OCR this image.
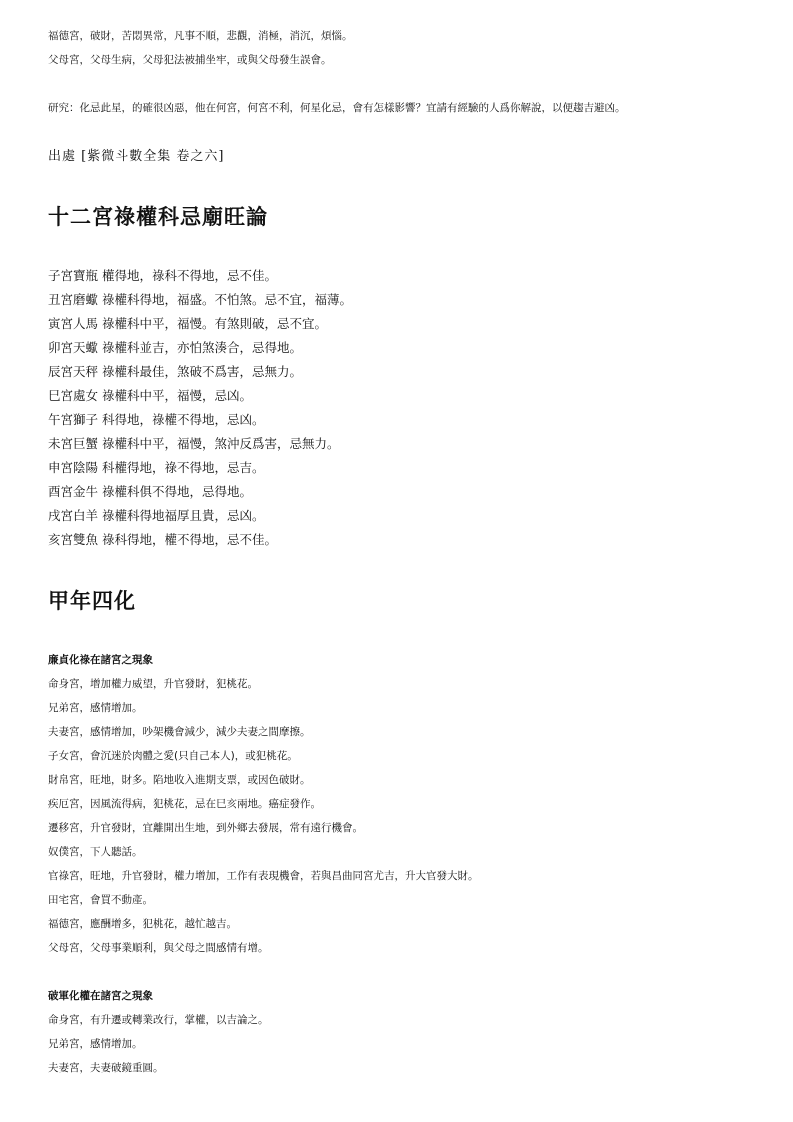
福德宮，破財，苦悶異常，凡事不順，悲觀，消極，消沉，煩惱。
父母宮，父母生病，父母犯法被捕坐牢，或與父母發生誤會。
研究：化忌此星，的確很凶惡，他在何宮，何宮不利，何星化忌，會有怎樣影響？宜請有經驗的人爲你解說，以便趨吉避凶。
出處 [紫微斗數全集 卷之六]
十二宮祿權科忌廟旺論
子宮寶瓶 權得地，祿科不得地，忌不佳。
丑宮磨蠍 祿權科得地，福盛。不怕煞。忌不宜，福薄。
寅宮人馬 祿權科中平，福慢。有煞則破，忌不宜。
卯宮天蠍 祿權科並吉，亦怕煞湊合，忌得地。
辰宮天秤 祿權科最佳，煞破不爲害，忌無力。
巳宮處女 祿權科中平，福慢，忌凶。
午宮獅子 科得地，祿權不得地，忌凶。
未宮巨蟹 祿權科中平，福慢，煞沖反爲害，忌無力。
申宮陰陽 科權得地，祿不得地，忌吉。
酉宮金牛 祿權科俱不得地，忌得地。
戌宮白羊 祿權科得地福厚且貴，忌凶。
亥宮雙魚 祿科得地，權不得地，忌不佳。
甲年四化
廉貞化祿在諸宮之現象
命身宮，增加權力威望，升官發財，犯桃花。
兄弟宮，感情增加。
夫妻宮，感情增加，吵架機會減少，減少夫妻之間摩擦。
子女宮，會沉迷於肉體之愛(只自己本人)，或犯桃花。
財帛宮，旺地，財多。陷地收入進期支票，或因色破財。
疾厄宮，因風流得病，犯桃花，忌在巳亥兩地。癌症發作。
遷移宮，升官發財，宜離開出生地，到外鄉去發展，常有遠行機會。
奴僕宮，下人聽話。
官祿宮，旺地，升官發財，權力增加，工作有表現機會，若與昌曲同宮尤吉，升大官發大財。
田宅宮，會買不動產。
福德宮，應酬增多，犯桃花，越忙越吉。
父母宮，父母事業順利，與父母之間感情有增。
破軍化權在諸宮之現象
命身宮，有升遷或轉業改行，掌權，以吉論之。
兄弟宮，感情增加。
夫妻宮，夫妻破鏡重圓。
